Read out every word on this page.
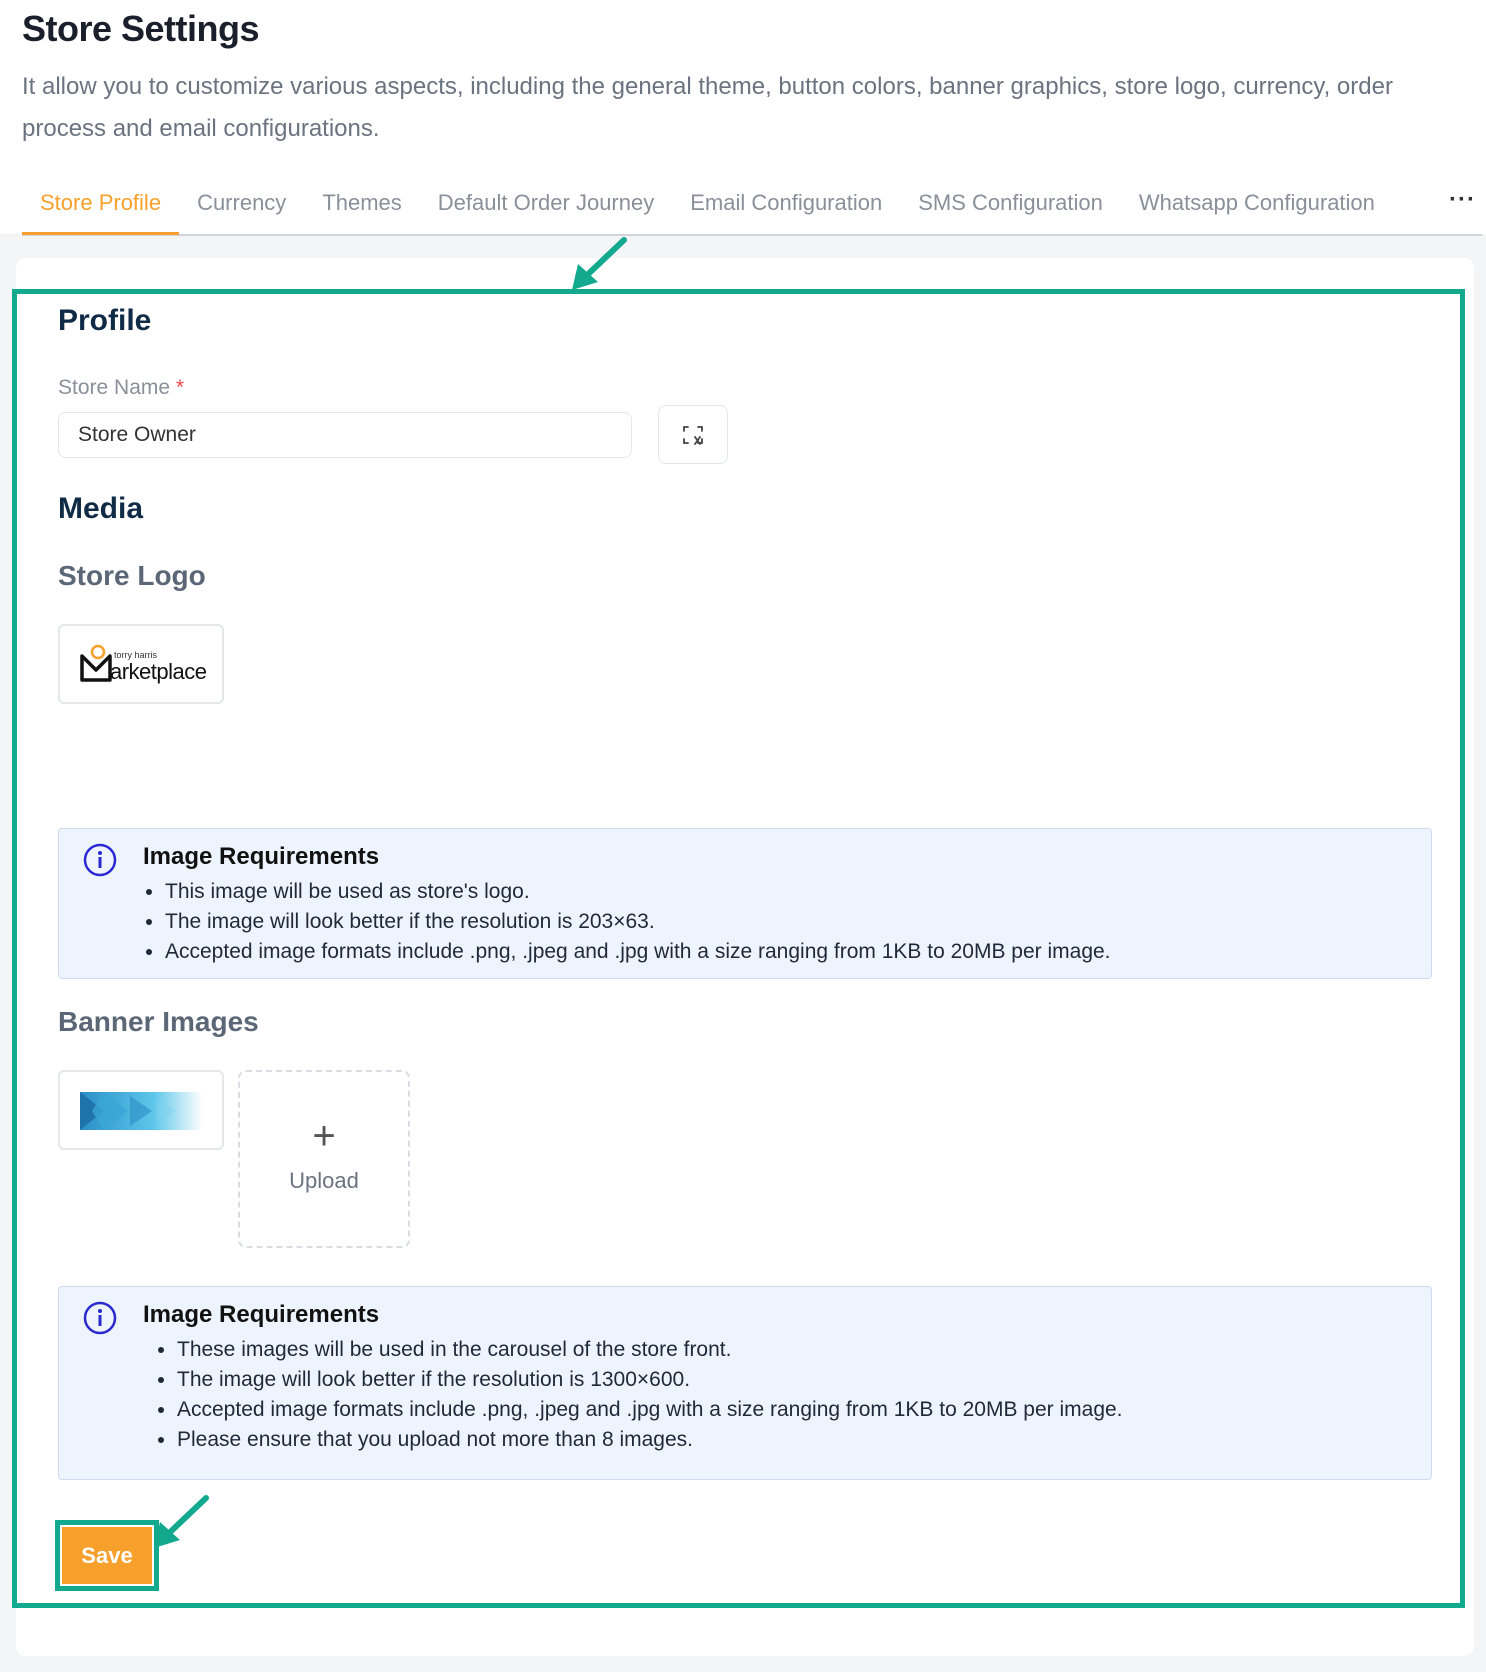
Store Settings
It allow you to customize various aspects, including the general theme, button colors, banner graphics, store logo, currency, order process and email configurations.
Store Profile	Currency	Themes	Default Order Journey	Email Configuration	SMS Configuration	Whatsapp Configuration	···
Profile
Store Name *
Store Owner
Media
Store Logo
torry harris
arketplace
Image Requirements
• This image will be used as store's logo.
• The image will look better if the resolution is 203×63.
• Accepted image formats include .png, .jpeg and .jpg with a size ranging from 1KB to 20MB per image.
Banner Images
+
Upload
Image Requirements
• These images will be used in the carousel of the store front.
• The image will look better if the resolution is 1300×600.
• Accepted image formats include .png, .jpeg and .jpg with a size ranging from 1KB to 20MB per image.
• Please ensure that you upload not more than 8 images.
Save
